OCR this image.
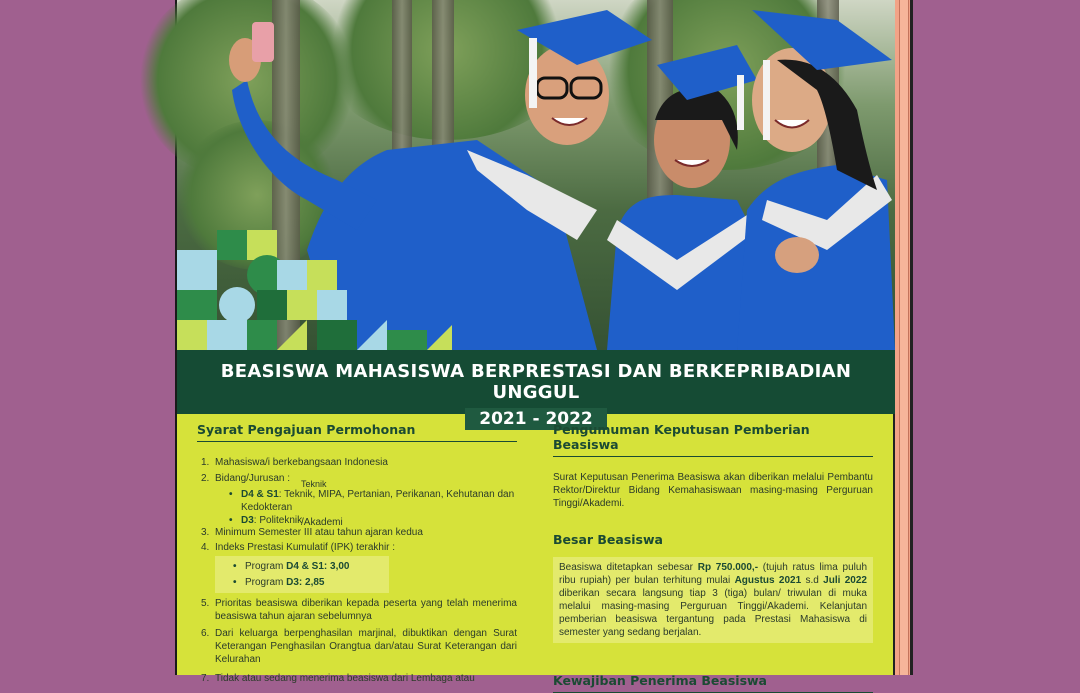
BEASISWA MAHASISWA BERPRESTASI DAN BERKEPRIBADIAN UNGGUL
2021 - 2022
Syarat Pengajuan Permohonan
1. Mahasiswa/i berkebangsaan Indonesia
2. Bidang/Jurusan : Teknik
• D4 & S1: Teknik, MIPA, Pertanian, Perikanan, Kehutanan dan Kedokteran
• D3: Politeknik
/Akademi
3. Minimum Semester III atau tahun ajaran kedua
4. Indeks Prestasi Kumulatif (IPK) terakhir :
• Program D4 & S1: 3,00
• Program D3: 2,85
5. Prioritas beasiswa diberikan kepada peserta yang telah menerima beasiswa tahun ajaran sebelumnya
6. Dari keluarga berpenghasilan marjinal, dibuktikan dengan Surat Keterangan Penghasilan Orangtua dan/atau Surat Keterangan dari Kelurahan
7. Tidak atau sedang menerima beasiswa dari Lembaga atau
Pengumuman Keputusan Pemberian Beasiswa

Surat Keputusan Penerima Beasiswa akan diberikan melalui Pembantu Rektor/Direktur Bidang Kemahasiswaan masing-masing Perguruan Tinggi/Akademi.

Besar Beasiswa

Beasiswa ditetapkan sebesar Rp 750.000,- (tujuh ratus lima puluh ribu rupiah) per bulan terhitung mulai Agustus 2021 s.d Juli 2022 diberikan secara langsung tiap 3 (tiga) bulan/ triwulan di muka melalui masing-masing Perguruan Tinggi/Akademi. Kelanjutan pemberian beasiswa tergantung pada Prestasi Mahasiswa di semester yang sedang berjalan.

Kewajiban Penerima Beasiswa
